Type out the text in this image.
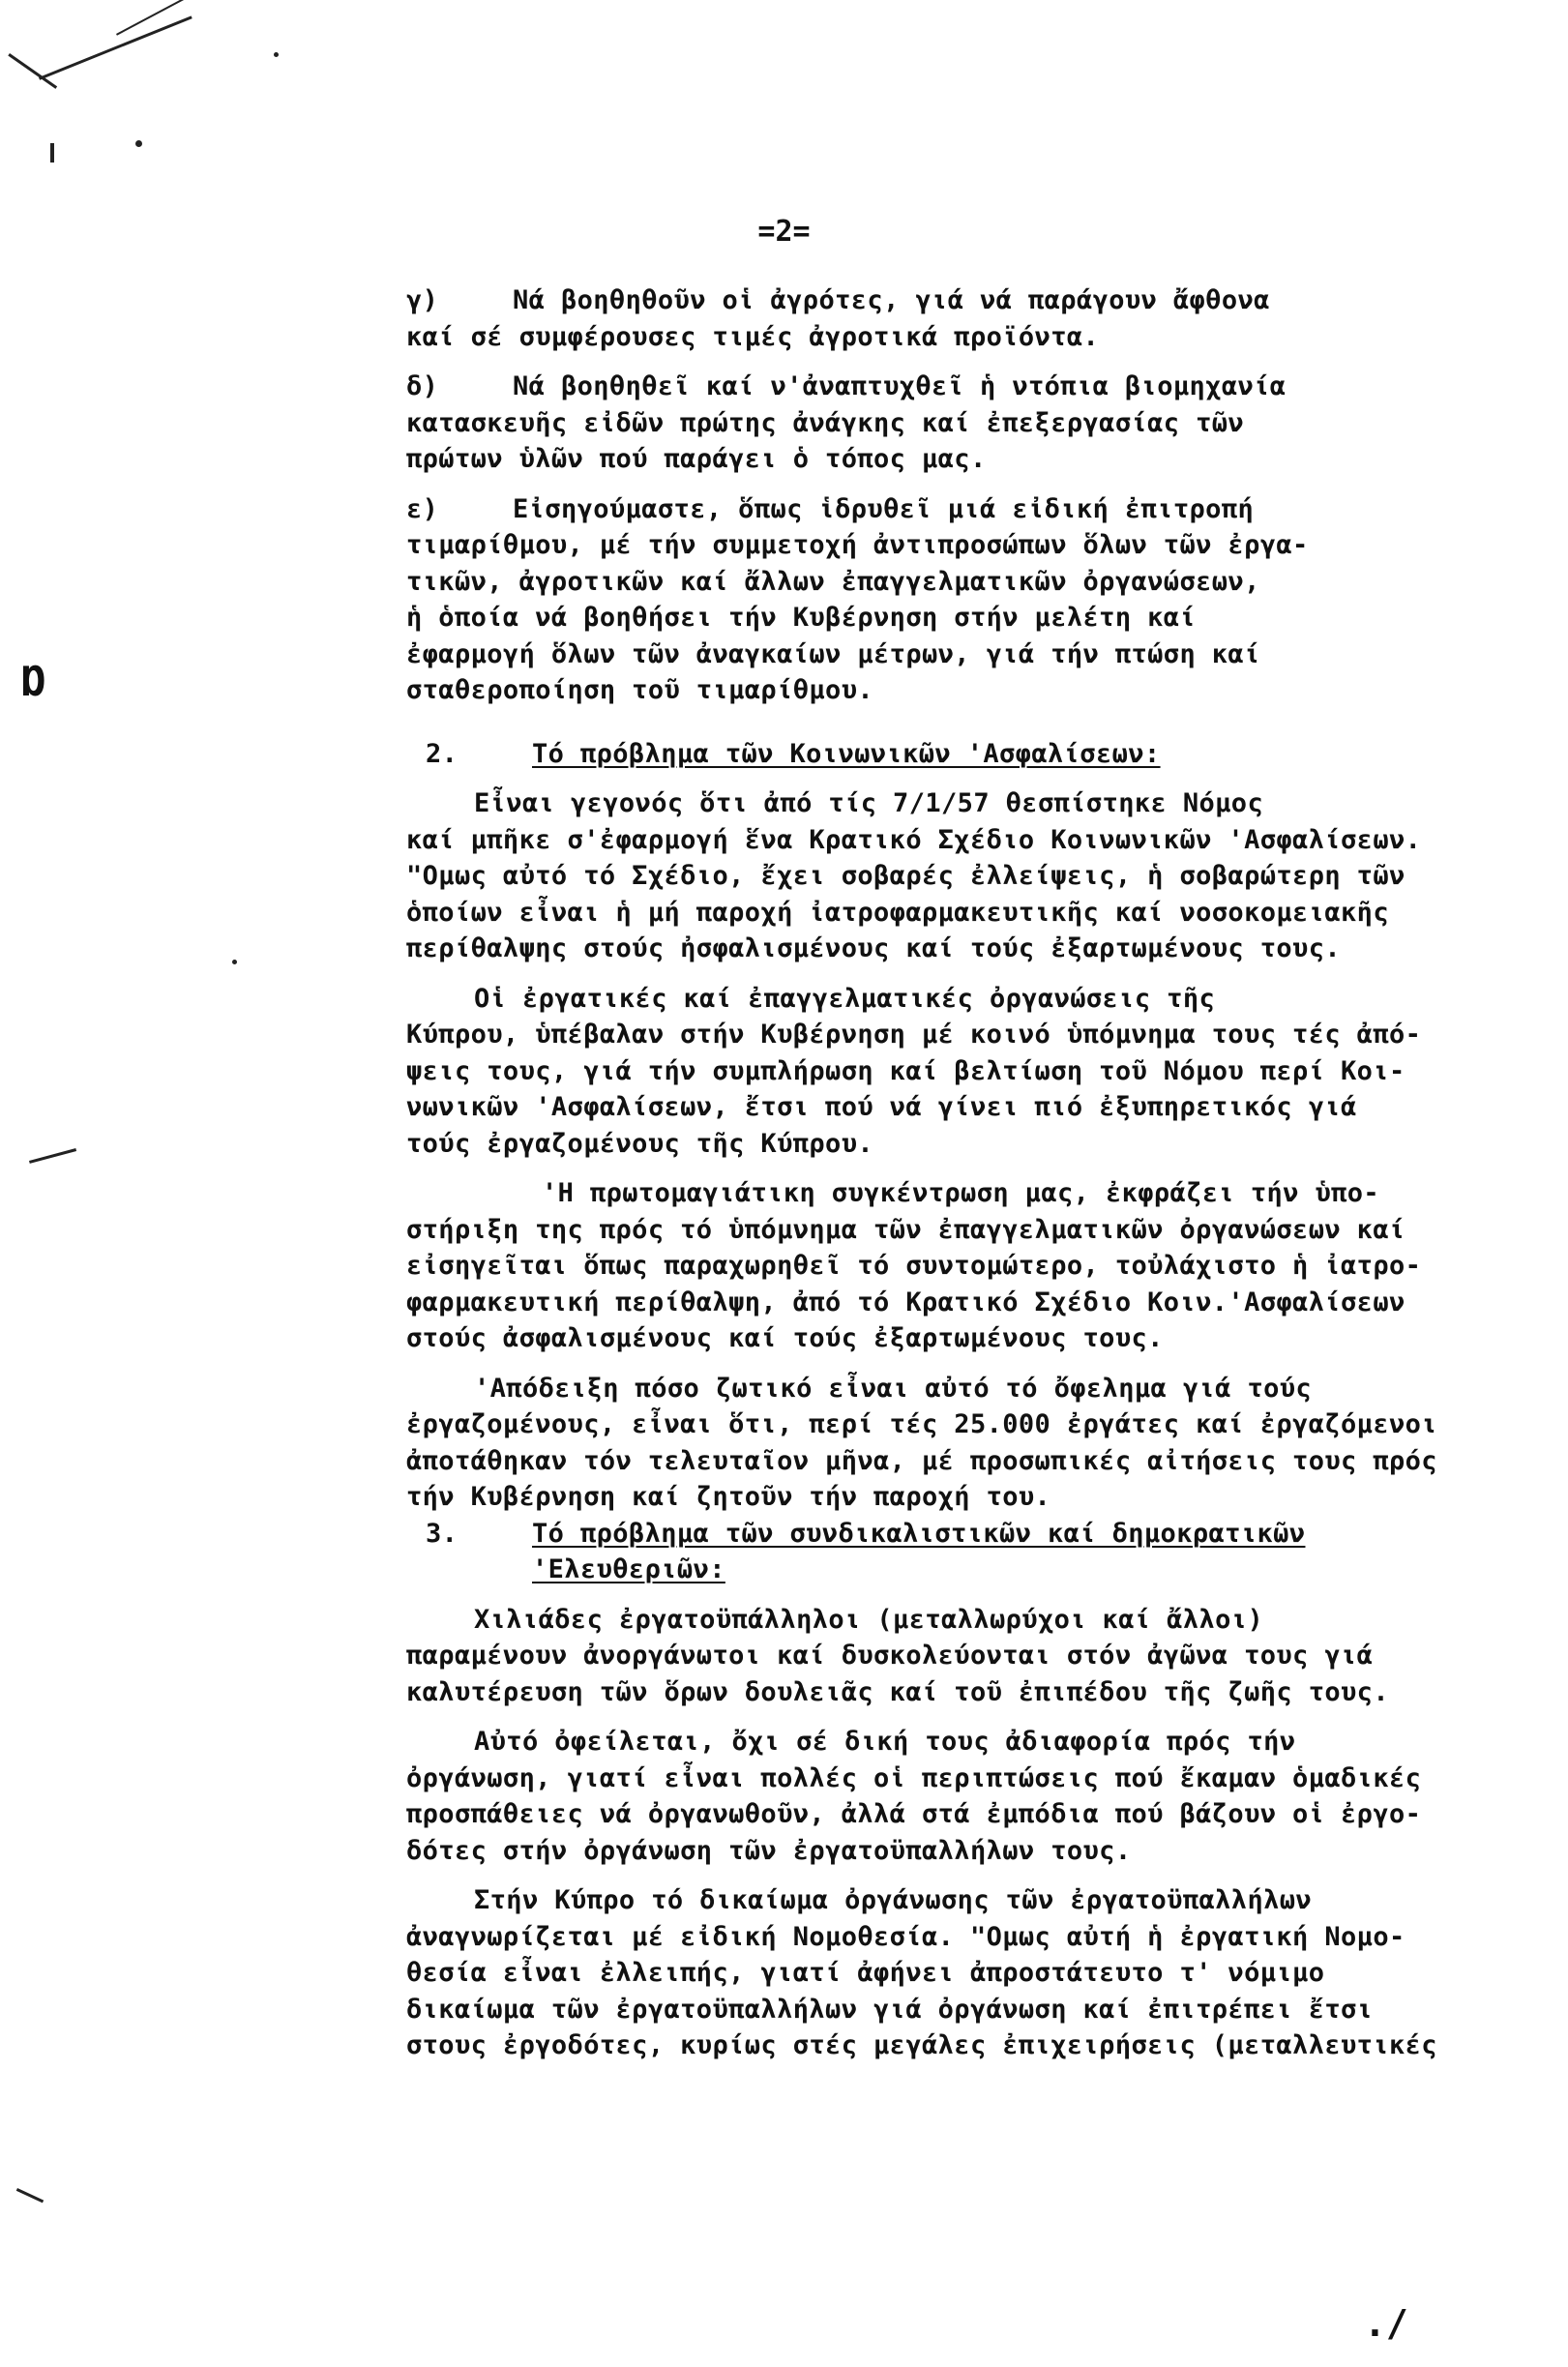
Ɒ
=2=
γ)	Νά βοηθηθοῦν οἱ ἀγρότες, γιά νά παράγουν ἄφθονα
καί σέ συμφέρουσες τιμές ἀγροτικά προϊόντα.
δ)	Νά βοηθηθεῖ καί ν'ἀναπτυχθεῖ ἡ ντόπια βιομηχανία
κατασκευῆς εἰδῶν πρώτης ἀνάγκης καί ἐπεξεργασίας τῶν
πρώτων ὑλῶν πού παράγει ὁ τόπος μας.
ε)	Εἰσηγούμαστε, ὅπως ἱδρυθεῖ μιά εἰδική ἐπιτροπή
τιμαρίθμου, μέ τήν συμμετοχή ἀντιπροσώπων ὅλων τῶν ἐργα-
τικῶν, ἀγροτικῶν καί ἄλλων ἐπαγγελματικῶν ὀργανώσεων,
ἡ ὁποία νά βοηθήσει τήν Κυβέρνηση στήν μελέτη καί
ἐφαρμογή ὅλων τῶν ἀναγκαίων μέτρων, γιά τήν πτώση καί
σταθεροποίηση τοῦ τιμαρίθμου.
2.	Τό πρόβλημα τῶν Κοινωνικῶν 'Ασφαλίσεων:
Εἶναι γεγονός ὅτι ἀπό τίς 7/1/57 θεσπίστηκε Νόμος
καί μπῆκε σ'ἐφαρμογή ἕνα Κρατικό Σχέδιο Κοινωνικῶν 'Ασφαλίσεων.
"Ομως αὐτό τό Σχέδιο, ἔχει σοβαρές ἐλλείψεις, ἡ σοβαρώτερη τῶν
ὁποίων εἶναι ἡ μή παροχή ἰατροφαρμακευτικῆς καί νοσοκομειακῆς
περίθαλψης στούς ἠσφαλισμένους καί τούς ἐξαρτωμένους τους.
Οἱ ἐργατικές καί ἐπαγγελματικές ὀργανώσεις τῆς
Κύπρου, ὑπέβαλαν στήν Κυβέρνηση μέ κοινό ὑπόμνημα τους τές ἀπό-
ψεις τους, γιά τήν συμπλήρωση καί βελτίωση τοῦ Νόμου περί Κοι-
νωνικῶν 'Ασφαλίσεων, ἔτσι πού νά γίνει πιό ἐξυπηρετικός γιά
τούς ἐργαζομένους τῆς Κύπρου.
'Η πρωτομαγιάτικη συγκέντρωση μας, ἐκφράζει τήν ὑπο-
στήριξη της πρός τό ὑπόμνημα τῶν ἐπαγγελματικῶν ὀργανώσεων καί
εἰσηγεῖται ὅπως παραχωρηθεῖ τό συντομώτερο, τοὐλάχιστο ἡ ἰατρο-
φαρμακευτική περίθαλψη, ἀπό τό Κρατικό Σχέδιο Κοιν.'Ασφαλίσεων
στούς ἀσφαλισμένους καί τούς ἐξαρτωμένους τους.
'Απόδειξη πόσο ζωτικό εἶναι αὐτό τό ὄφελημα γιά τούς
ἐργαζομένους, εἶναι ὅτι, περί τές 25.000 ἐργάτες καί ἐργαζόμενοι
ἀποτάθηκαν τόν τελευταῖον μῆνα, μέ προσωπικές αἰτήσεις τους πρός
τήν Κυβέρνηση καί ζητοῦν τήν παροχή του.
3.	Τό πρόβλημα τῶν συνδικαλιστικῶν καί δημοκρατικῶν
'Ελευθεριῶν:
Χιλιάδες ἐργατοϋπάλληλοι (μεταλλωρύχοι καί ἄλλοι)
παραμένουν ἀνοργάνωτοι καί δυσκολεύονται στόν ἀγῶνα τους γιά
καλυτέρευση τῶν ὅρων δουλειᾶς καί τοῦ ἐπιπέδου τῆς ζωῆς τους.
Αὐτό ὀφείλεται, ὄχι σέ δική τους ἀδιαφορία πρός τήν
ὀργάνωση, γιατί εἶναι πολλές οἱ περιπτώσεις πού ἔκαμαν ὁμαδικές
προσπάθειες νά ὀργανωθοῦν, ἀλλά στά ἐμπόδια πού βάζουν οἱ ἐργο-
δότες στήν ὀργάνωση τῶν ἐργατοϋπαλλήλων τους.
Στήν Κύπρο τό δικαίωμα ὀργάνωσης τῶν ἐργατοϋπαλλήλων
ἀναγνωρίζεται μέ εἰδική Νομοθεσία. "Ομως αὐτή ἡ ἐργατική Νομο-
θεσία εἶναι ἐλλειπής, γιατί ἀφήνει ἀπροστάτευτο τ' νόμιμο
δικαίωμα τῶν ἐργατοϋπαλλήλων γιά ὀργάνωση καί ἐπιτρέπει ἔτσι
στους ἐργοδότες, κυρίως στές μεγάλες ἐπιχειρήσεις (μεταλλευτικές
./
